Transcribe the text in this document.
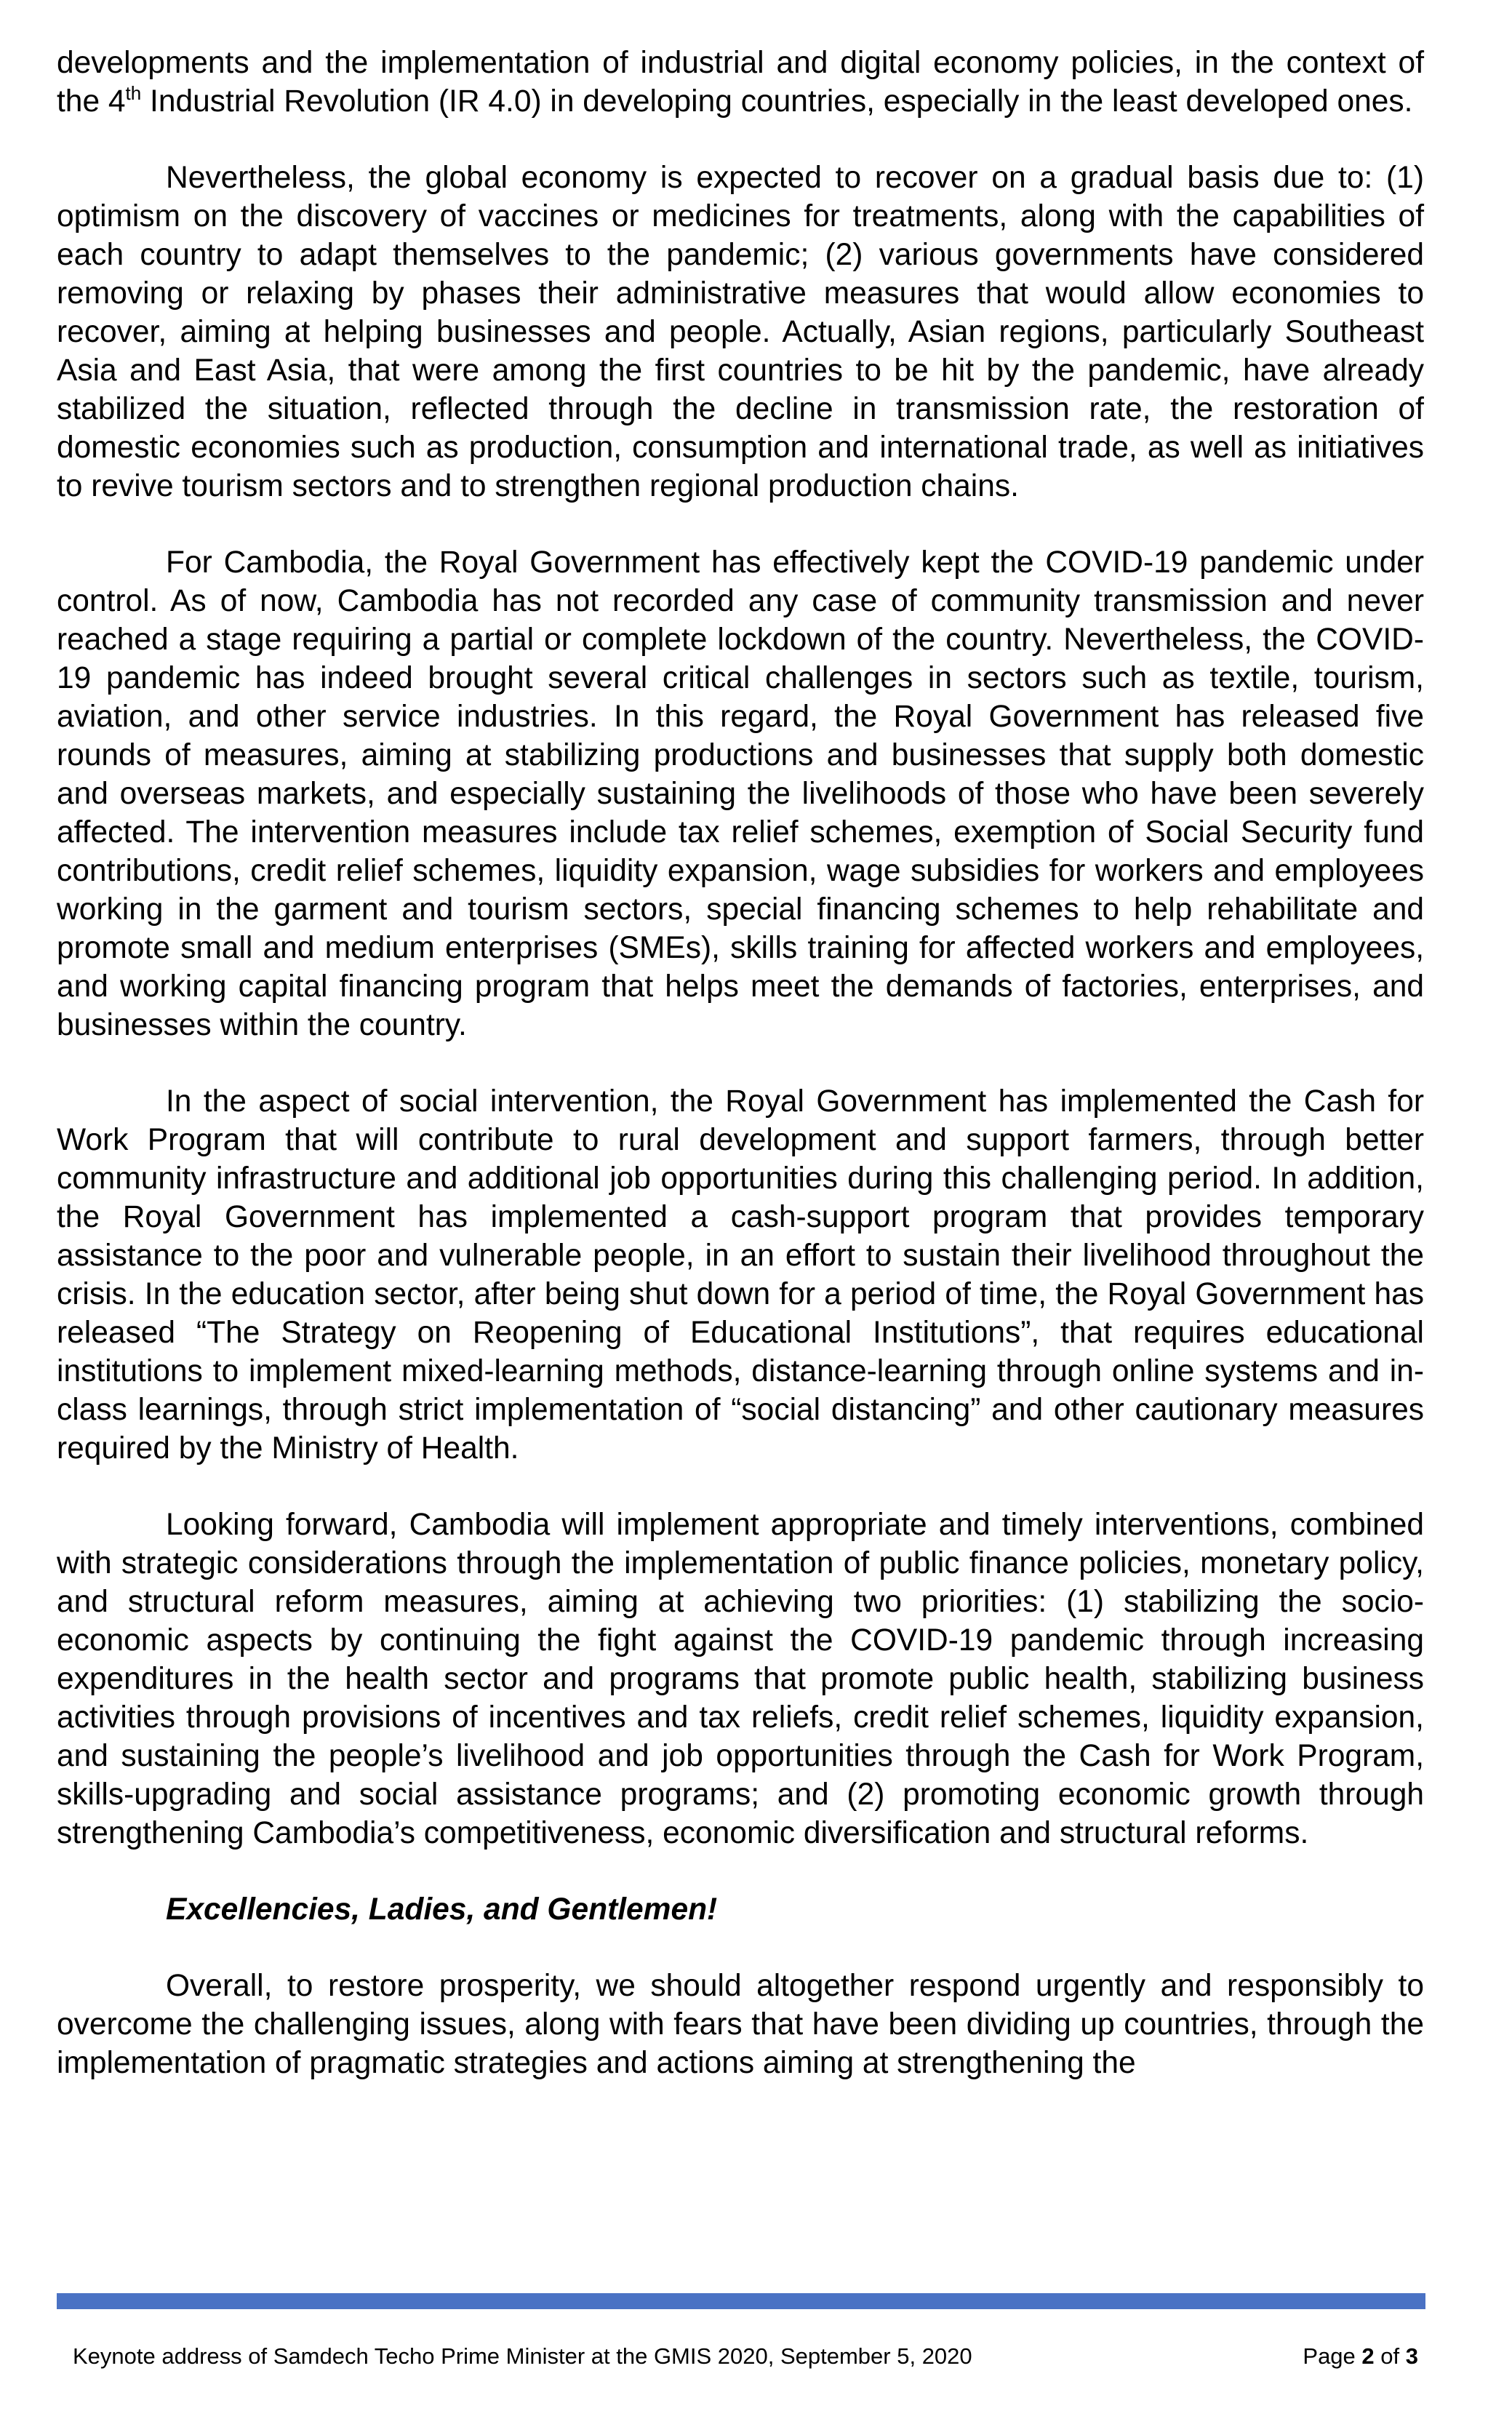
developments and the implementation of industrial and digital economy policies, in the context of the 4th Industrial Revolution (IR 4.0) in developing countries, especially in the least developed ones.

Nevertheless, the global economy is expected to recover on a gradual basis due to: (1) optimism on the discovery of vaccines or medicines for treatments, along with the capabilities of each country to adapt themselves to the pandemic; (2) various governments have considered removing or relaxing by phases their administrative measures that would allow economies to recover, aiming at helping businesses and people. Actually, Asian regions, particularly Southeast Asia and East Asia, that were among the first countries to be hit by the pandemic, have already stabilized the situation, reflected through the decline in transmission rate, the restoration of domestic economies such as production, consumption and international trade, as well as initiatives to revive tourism sectors and to strengthen regional production chains.

For Cambodia, the Royal Government has effectively kept the COVID-19 pandemic under control. As of now, Cambodia has not recorded any case of community transmission and never reached a stage requiring a partial or complete lockdown of the country. Nevertheless, the COVID-19 pandemic has indeed brought several critical challenges in sectors such as textile, tourism, aviation, and other service industries. In this regard, the Royal Government has released five rounds of measures, aiming at stabilizing productions and businesses that supply both domestic and overseas markets, and especially sustaining the livelihoods of those who have been severely affected. The intervention measures include tax relief schemes, exemption of Social Security fund contributions, credit relief schemes, liquidity expansion, wage subsidies for workers and employees working in the garment and tourism sectors, special financing schemes to help rehabilitate and promote small and medium enterprises (SMEs), skills training for affected workers and employees, and working capital financing program that helps meet the demands of factories, enterprises, and businesses within the country.

In the aspect of social intervention, the Royal Government has implemented the Cash for Work Program that will contribute to rural development and support farmers, through better community infrastructure and additional job opportunities during this challenging period. In addition, the Royal Government has implemented a cash-support program that provides temporary assistance to the poor and vulnerable people, in an effort to sustain their livelihood throughout the crisis. In the education sector, after being shut down for a period of time, the Royal Government has released “The Strategy on Reopening of Educational Institutions”, that requires educational institutions to implement mixed-learning methods, distance-learning through online systems and in-class learnings, through strict implementation of “social distancing” and other cautionary measures required by the Ministry of Health.

Looking forward, Cambodia will implement appropriate and timely interventions, combined with strategic considerations through the implementation of public finance policies, monetary policy, and structural reform measures, aiming at achieving two priorities: (1) stabilizing the socio-economic aspects by continuing the fight against the COVID-19 pandemic through increasing expenditures in the health sector and programs that promote public health, stabilizing business activities through provisions of incentives and tax reliefs, credit relief schemes, liquidity expansion, and sustaining the people’s livelihood and job opportunities through the Cash for Work Program, skills-upgrading and social assistance programs; and (2) promoting economic growth through strengthening Cambodia’s competitiveness, economic diversification and structural reforms.

Excellencies, Ladies, and Gentlemen!

Overall, to restore prosperity, we should altogether respond urgently and responsibly to overcome the challenging issues, along with fears that have been dividing up countries, through the implementation of pragmatic strategies and actions aiming at strengthening the

Keynote address of Samdech Techo Prime Minister at the GMIS 2020, September 5, 2020	Page 2 of 3
